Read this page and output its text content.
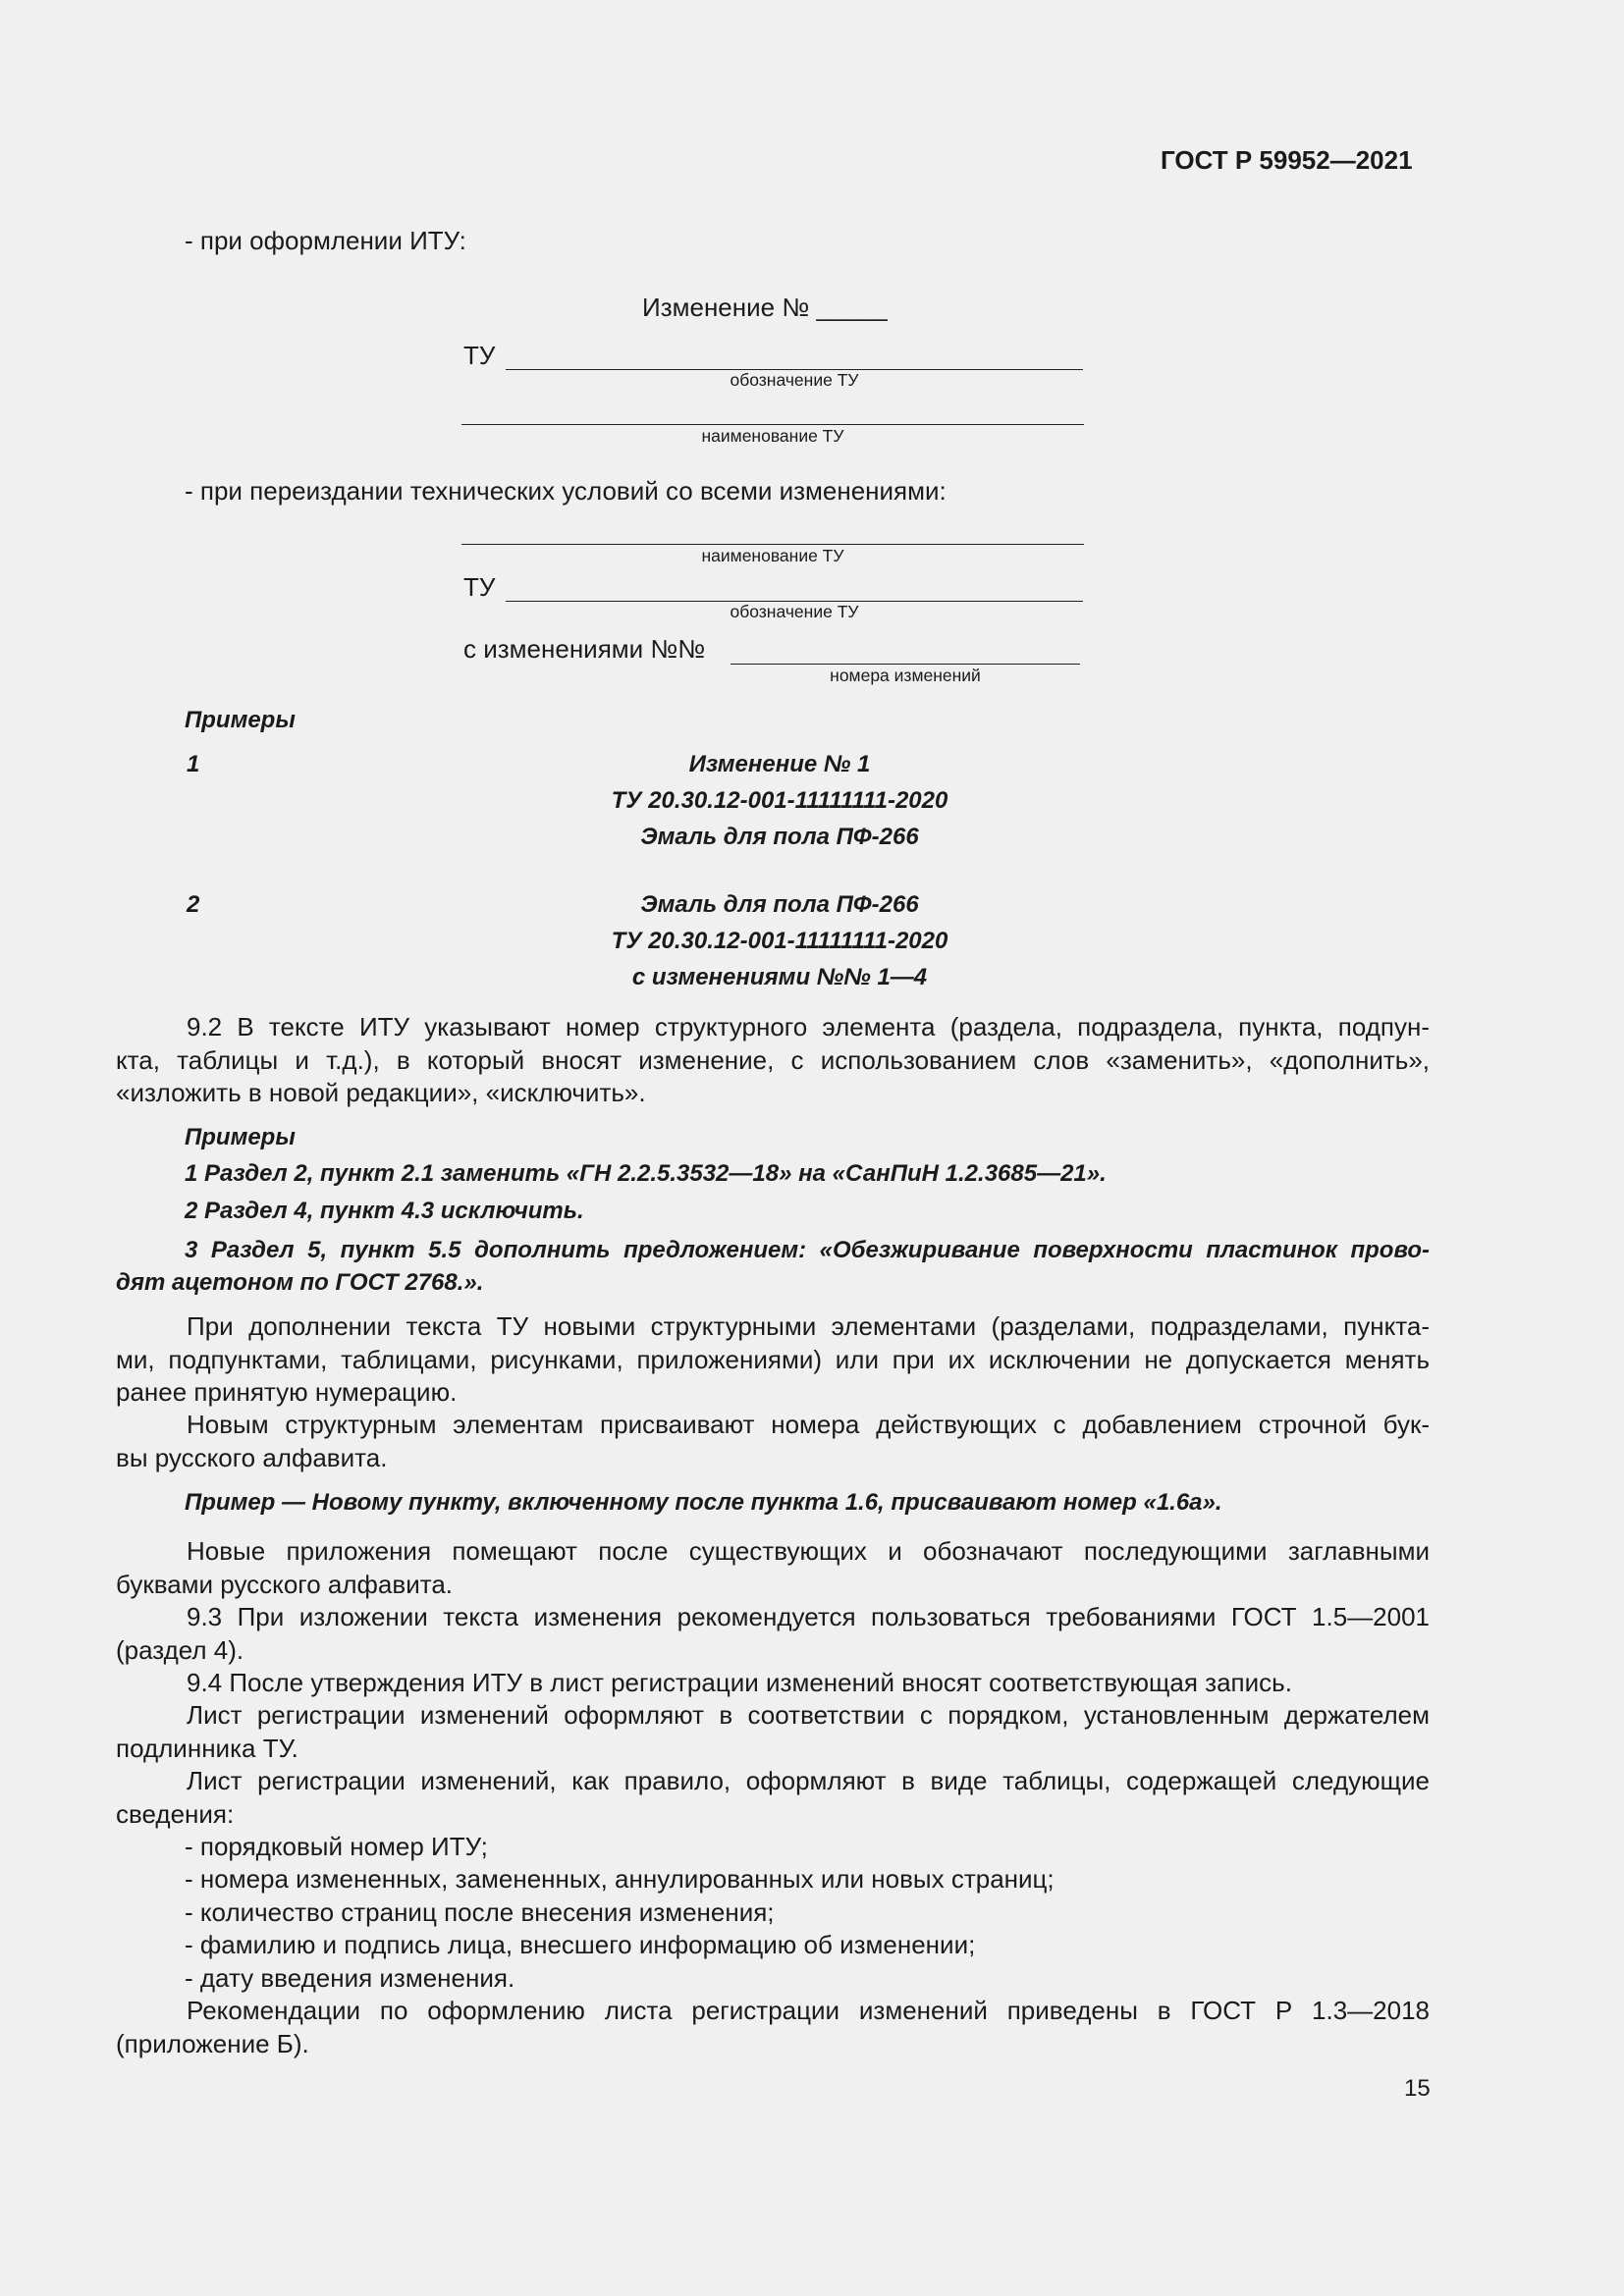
ГОСТ Р 59952—2021
- при оформлении ИТУ:
Изменение № _____
ТУ
обозначение ТУ
наименование ТУ
- при переиздании технических условий со всеми изменениями:
наименование ТУ
ТУ
обозначение ТУ
с изменениями №№
номера изменений
Примеры
1	Изменение № 1
ТУ 20.30.12-001-11111111-2020
Эмаль для пола ПФ-266
2	Эмаль для пола ПФ-266
ТУ 20.30.12-001-11111111-2020
с изменениями №№ 1—4
9.2 В тексте ИТУ указывают номер структурного элемента (раздела, подраздела, пункта, подпун-
кта, таблицы и т.д.), в который вносят изменение, с использованием слов «заменить», «дополнить»,
«изложить в новой редакции», «исключить».
Примеры
1 Раздел 2, пункт 2.1 заменить «ГН 2.2.5.3532—18» на «СанПиН 1.2.3685—21».
2 Раздел 4, пункт 4.3 исключить.
3 Раздел 5, пункт 5.5 дополнить предложением: «Обезжиривание поверхности пластинок прово-
дят ацетоном по ГОСТ 2768.».
При дополнении текста ТУ новыми структурными элементами (разделами, подразделами, пункта-
ми, подпунктами, таблицами, рисунками, приложениями) или при их исключении не допускается менять
ранее принятую нумерацию.
Новым структурным элементам присваивают номера действующих с добавлением строчной бук-
вы русского алфавита.
Пример — Новому пункту, включенному после пункта 1.6, присваивают номер «1.6а».
Новые приложения помещают после существующих и обозначают последующими заглавными
буквами русского алфавита.
9.3 При изложении текста изменения рекомендуется пользоваться требованиями ГОСТ 1.5—2001
(раздел 4).
9.4 После утверждения ИТУ в лист регистрации изменений вносят соответствующая запись.
Лист регистрации изменений оформляют в соответствии с порядком, установленным держателем
подлинника ТУ.
Лист регистрации изменений, как правило, оформляют в виде таблицы, содержащей следующие
сведения:
- порядковый номер ИТУ;
- номера измененных, замененных, аннулированных или новых страниц;
- количество страниц после внесения изменения;
- фамилию и подпись лица, внесшего информацию об изменении;
- дату введения изменения.
Рекомендации по оформлению листа регистрации изменений приведены в ГОСТ Р 1.3—2018
(приложение Б).
15
